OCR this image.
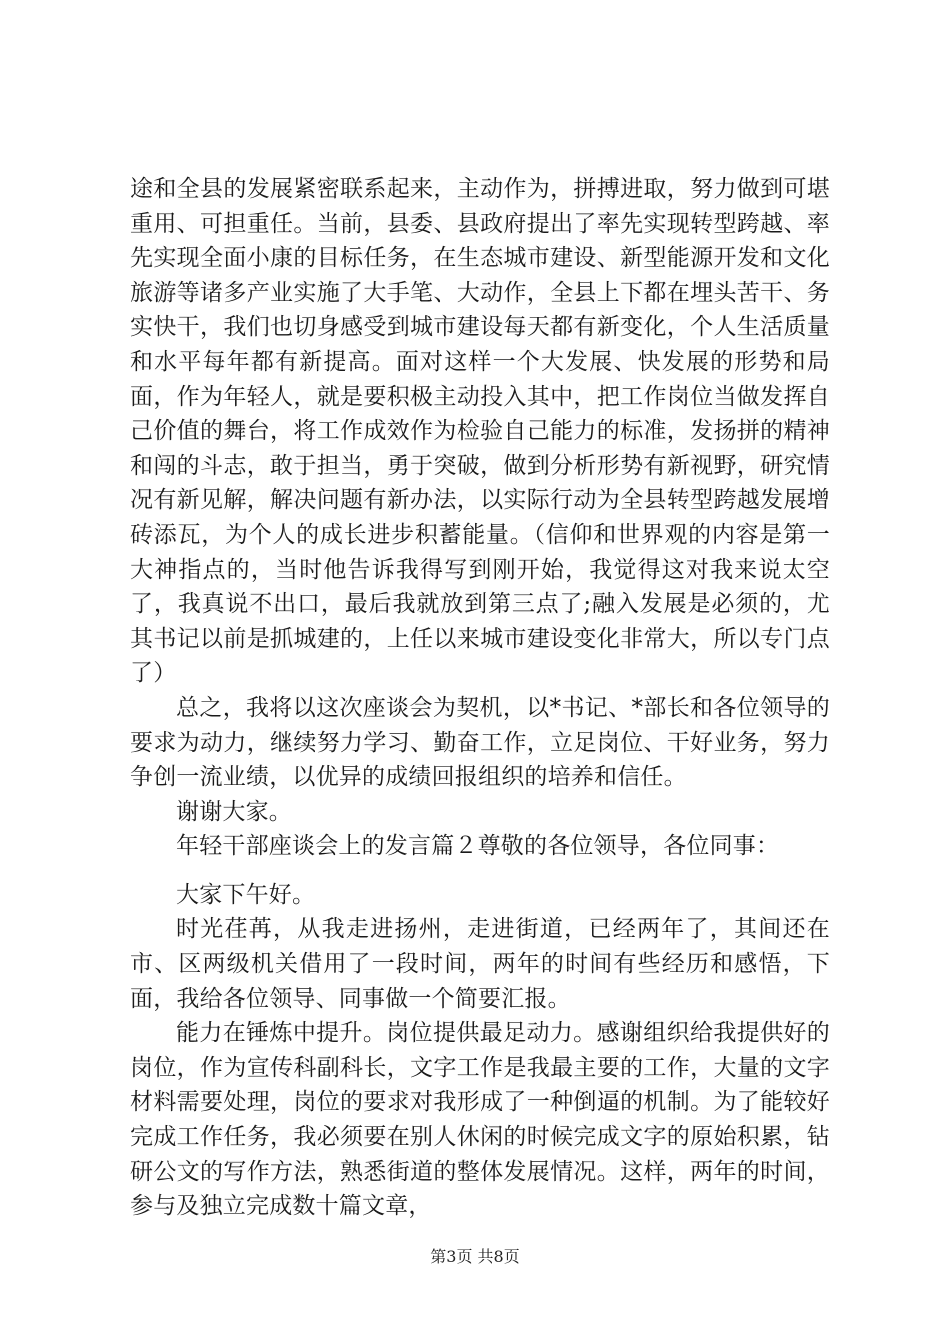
途和全县的发展紧密联系起来，主动作为，拼搏进取，努力做到可堪重用、可担重任。当前，县委、县政府提出了率先实现转型跨越、率先实现全面小康的目标任务，在生态城市建设、新型能源开发和文化旅游等诸多产业实施了大手笔、大动作，全县上下都在埋头苦干、务实快干，我们也切身感受到城市建设每天都有新变化，个人生活质量和水平每年都有新提高。面对这样一个大发展、快发展的形势和局面，作为年轻人，就是要积极主动投入其中，把工作岗位当做发挥自己价值的舞台，将工作成效作为检验自己能力的标准，发扬拼的精神和闯的斗志，敢于担当，勇于突破，做到分析形势有新视野，研究情况有新见解，解决问题有新办法，以实际行动为全县转型跨越发展增砖添瓦，为个人的成长进步积蓄能量。（信仰和世界观的内容是第一大神指点的，当时他告诉我得写到刚开始，我觉得这对我来说太空了，我真说不出口，最后我就放到第三点了;融入发展是必须的，尤其书记以前是抓城建的，上任以来城市建设变化非常大，所以专门点了）

总之，我将以这次座谈会为契机，以*书记、*部长和各位领导的要求为动力，继续努力学习、勤奋工作，立足岗位、干好业务，努力争创一流业绩，以优异的成绩回报组织的培养和信任。

谢谢大家。

年轻干部座谈会上的发言篇２尊敬的各位领导，各位同事：

大家下午好。

时光荏苒，从我走进扬州，走进街道，已经两年了，其间还在市、区两级机关借用了一段时间，两年的时间有些经历和感悟，下面，我给各位领导、同事做一个简要汇报。

能力在锤炼中提升。岗位提供最足动力。感谢组织给我提供好的岗位，作为宣传科副科长，文字工作是我最主要的工作，大量的文字材料需要处理，岗位的要求对我形成了一种倒逼的机制。为了能较好完成工作任务，我必须要在别人休闲的时候完成文字的原始积累，钻研公文的写作方法，熟悉街道的整体发展情况。这样，两年的时间，参与及独立完成数十篇文章，

第3页 共8页
